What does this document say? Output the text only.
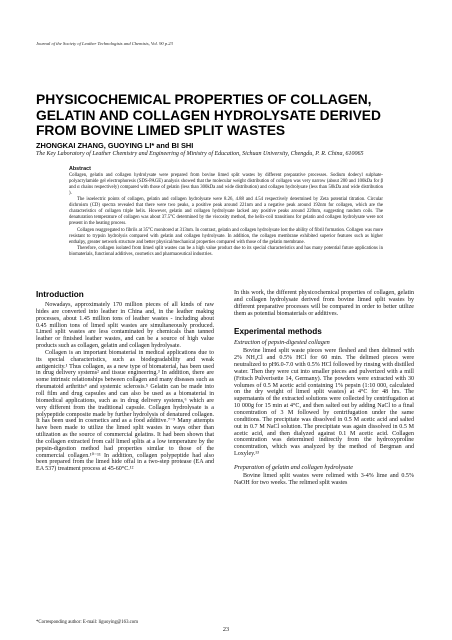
Journal of the Society of Leather Technologists and Chemists, Vol. 90 p.23
PHYSICOCHEMICAL PROPERTIES OF COLLAGEN,
GELATIN AND COLLAGEN HYDROLYSATE DERIVED
FROM BOVINE LIMED SPLIT WASTES

ZHONGKAI ZHANG, GUOYING LI* and BI SHI

The Key Laboratory of Leather Chemistry and Engineering of Ministry of Education, Sichuan University, Chengdu, P. R. China, 610065

Abstract

Collagen, gelatin and collagen hydrolysate were prepared from bovine limed split wastes by different preparative processes. Sodium dodecyl sulphate-polyacrylamide gel electrophoresis (SDS-PAGE) analysis showed that the molecular weight distribution of collagen was very narrow (about 200 and 100kDa for β and α chains respectively) compared with those of gelatin (less than 300kDa and wide distribution) and collagen hydrolysate (less than 50kDa and wide distribution ).

The isoelectric points of collagen, gelatin and collagen hydrolysate were 8.26, 4.88 and 4.54 respectively determined by Zeta potential titration. Circular dichroism (CD) spectra revealed that there were two peaks, a positive peak around 221nm and a negative peak around 192nm for collagen, which are the characteristics of collagen triple helix. However, gelatin and collagen hydrolysate lacked any positive peaks around 220nm, suggesting random coils. The denaturation temperature of collagen was about 37.5°C determined by the viscosity method, the helix-coil transitions for gelatin and collagen hydrolysate were not present in the heating process.

Collagen reaggregated to fibrils at 35°C monitored at 313nm. In contrast, gelatin and collagen hydrolysate lost the ability of fibril formation. Collagen was more resistant to trypsin hydrolysis compared with gelatin and collagen hydrolysate. In addition, the collagen membrane exhibited superior features such as higher enthalpy, greater network structure and better physical/mechanical properties compared with those of the gelatin membrane.

Therefore, collagen isolated from limed split wastes can be a high value product due to its special characteristics and has many potential future applications in biomaterials, functional additives, cosmetics and pharmaceutical industries.

Introduction

Nowadays, approximately 170 million pieces of all kinds of raw hides are converted into leather in China and, in the leather making processes, about 1.45 million tons of leather wastes - including about 0.45 million tons of limed split wastes are simultaneously produced. Limed split wastes are less contaminated by chemicals than tanned leather or finished leather wastes, and can be a source of high value products such as collagen, gelatin and collagen hydrolysate.

Collagen is an important biomaterial in medical applications due to its special characteristics, such as biodegradability and weak antigenicity.¹ Thus collagen, as a new type of biomaterial, has been used in drug delivery systems² and tissue engineering.³ In addition, there are some intrinsic relationships between collagen and many diseases such as rheumatoid arthritis⁴ and systemic sclerosis.⁵ Gelatin can be made into roll film and drug capsules and can also be used as a biomaterial in biomedical applications, such as in drug delivery systems,⁶ which are very different from the traditional capsule. Collagen hydrolysate is a polypeptide composite made by further hydrolysis of denatured collagen. It has been used in cosmetics and as a food additive.⁷⁻⁹ Many attempts have been made to utilize the limed split wastes in ways other than utilization as the source of commercial gelatins. It had been shown that the collagen extracted from calf limed splits at a low temperature by the pepsin-digestion method had properties similar to those of the commercial collagen.¹⁰⁻¹¹ In addition, collagen polypeptide had also been prepared from the limed hide offal in a two-step protease (EA and EA 537) treatment process at 45-60°C.¹²

In this work, the different physicochemical properties of collagen, gelatin and collagen hydrolysate derived from bovine limed split wastes by different preparative processes will be compared in order to better utilize them as potential biomaterials or additives.

Experimental methods
Extraction of pepsin-digested collagen

Bovine limed split waste pieces were fleshed and then delimed with 2% NH₄Cl and 0.5% HCl for 60 min. The delimed pieces were neutralized to pH6.0-7.0 with 0.5% HCl followed by rinsing with distilled water. Then they were cut into smaller pieces and pulverized with a mill (Fritsch Pulverisette 14, Germany). The powders were extracted with 30 volumes of 0.5 M acetic acid containing 1% pepsin (1:10 000, calculated on the dry weight of limed split wastes) at 4°C for 48 hrs. The supernatants of the extracted solutions were collected by centrifugation at 10 000g for 15 min at 4°C, and then salted out by adding NaCl to a final concentration of 3 M followed by centrifugation under the same conditions. The precipitate was dissolved in 0.5 M acetic acid and salted out in 0.7 M NaCl solution. The precipitate was again dissolved in 0.5 M acetic acid, and then dialyzed against 0.1 M acetic acid. Collagen concentration was determined indirectly from the hydroxyproline concentration, which was analyzed by the method of Bergman and Loxyley.¹³

Preparation of gelatin and collagen hydrolysate

Bovine limed split wastes were relimed with 3-4% lime and 0.5% NaOH for two weeks. The relimed split wastes

*Corresponding author: E-mail: liguoying@163.com
23
